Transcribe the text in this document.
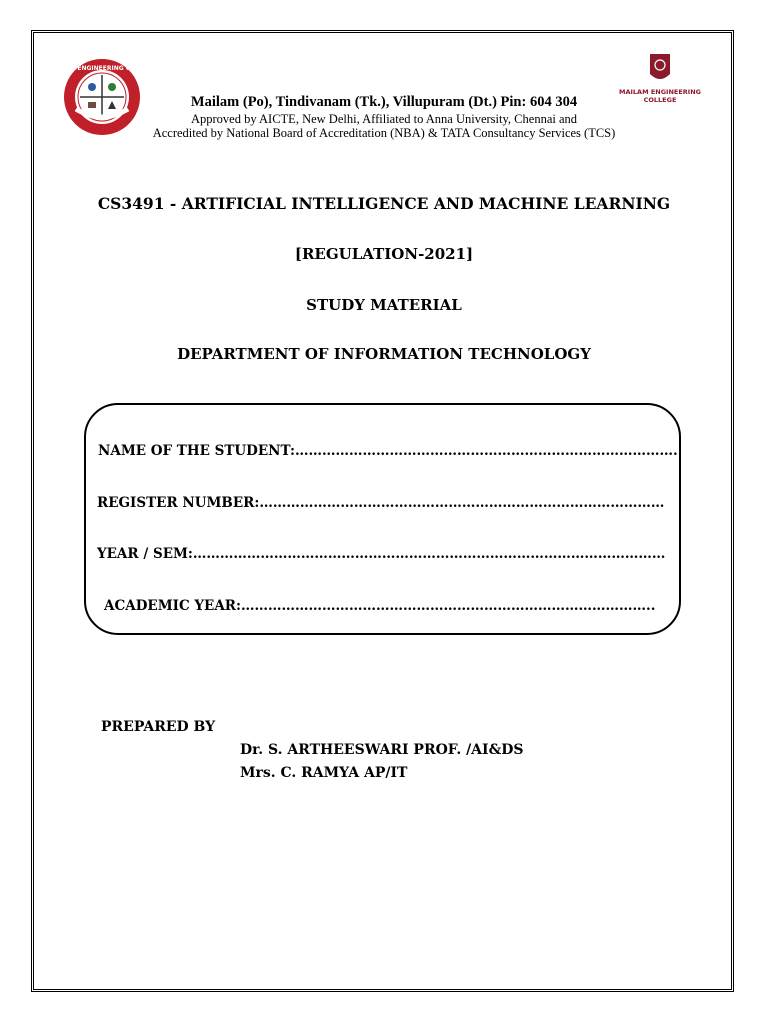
MAILAM ENGINEERING COLLEGE
MAILAM ENGINEERING
COLLEGE
Mailam (Po), Tindivanam (Tk.), Villupuram (Dt.) Pin: 604 304
Approved by AICTE, New Delhi, Affiliated to Anna University, Chennai and
Accredited by National Board of Accreditation (NBA) & TATA Consultancy Services (TCS)
CS3491 - ARTIFICIAL INTELLIGENCE AND MACHINE LEARNING
[REGULATION-2021]
STUDY MATERIAL
DEPARTMENT OF INFORMATION TECHNOLOGY
NAME OF THE STUDENT:………………………………………………………………………….
REGISTER NUMBER:………………………………………………………………………………
YEAR / SEM:……………………………………………………………………………………………
ACADEMIC YEAR:………………………………………………………………………………..
PREPARED BY
Dr. S. ARTHEESWARI PROF. /AI&DS
Mrs. C. RAMYA AP/IT
